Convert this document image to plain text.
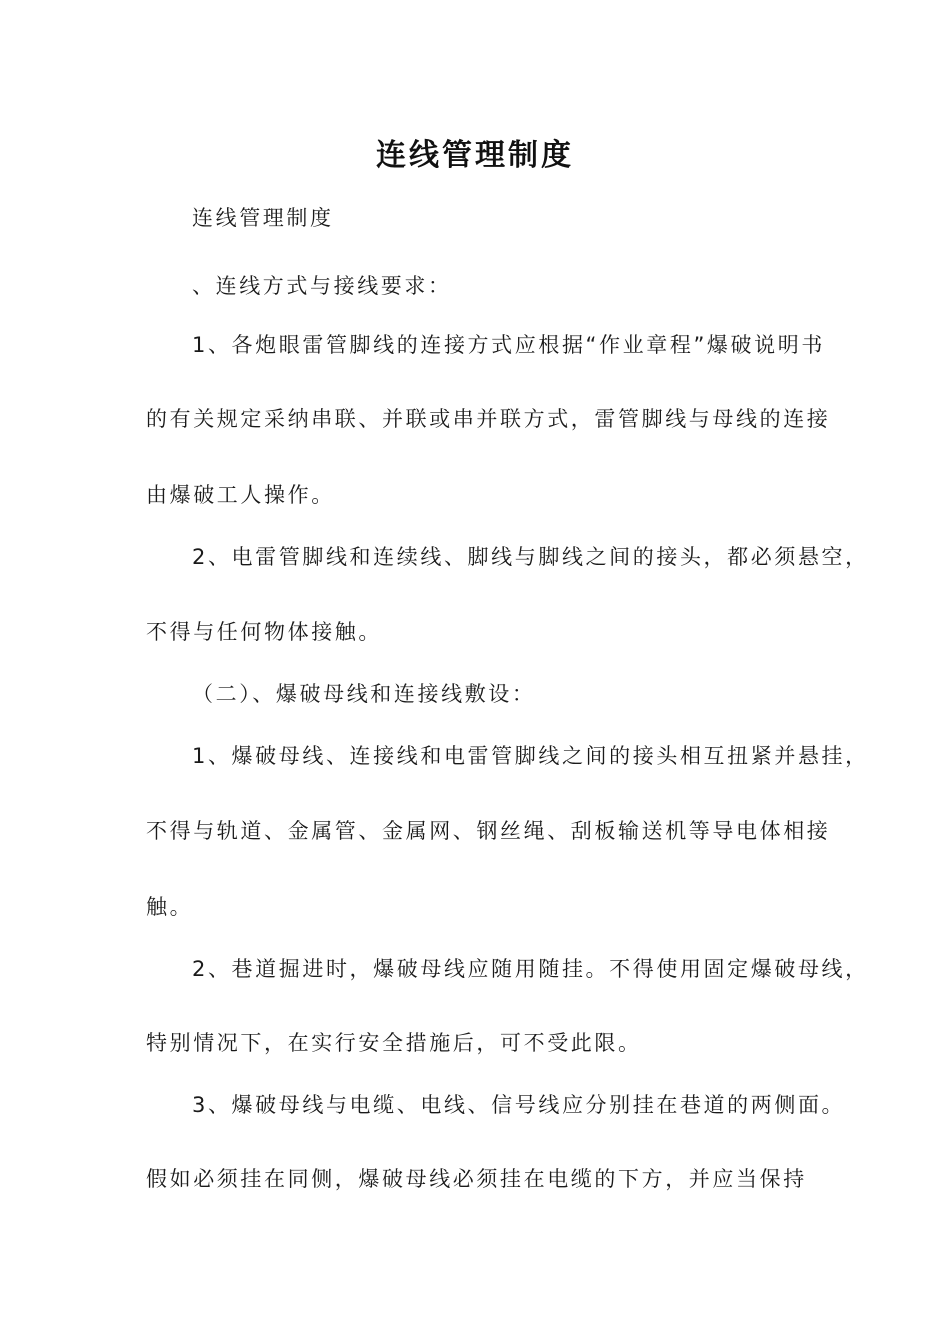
连线管理制度
连线管理制度
、连线方式与接线要求：
1、各炮眼雷管脚线的连接方式应根据“作业章程”爆破说明书
的有关规定采纳串联、并联或串并联方式，雷管脚线与母线的连接
由爆破工人操作。
2、电雷管脚线和连续线、脚线与脚线之间的接头，都必须悬空，
不得与任何物体接触。
（二）、爆破母线和连接线敷设：
1、爆破母线、连接线和电雷管脚线之间的接头相互扭紧并悬挂，
不得与轨道、金属管、金属网、钢丝绳、刮板输送机等导电体相接
触。
2、巷道掘进时，爆破母线应随用随挂。不得使用固定爆破母线，
特别情况下，在实行安全措施后，可不受此限。
3、爆破母线与电缆、电线、信号线应分别挂在巷道的两侧面。
假如必须挂在同侧，爆破母线必须挂在电缆的下方，并应当保持
